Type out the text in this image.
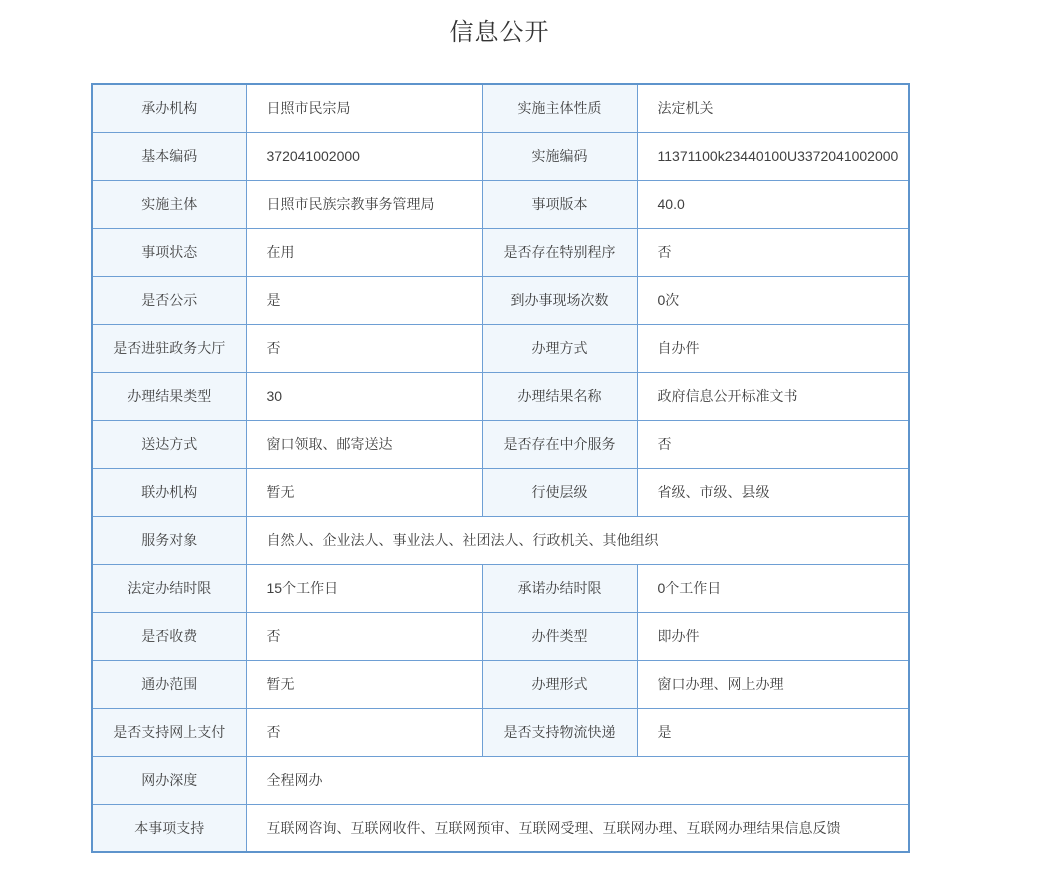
信息公开
承办机构	日照市民宗局	实施主体性质	法定机关
基本编码	372041002000	实施编码	11371100k23440100U3372041002000
实施主体	日照市民族宗教事务管理局	事项版本	40.0
事项状态	在用	是否存在特别程序	否
是否公示	是	到办事现场次数	0次
是否进驻政务大厅	否	办理方式	自办件
办理结果类型	30	办理结果名称	政府信息公开标准文书
送达方式	窗口领取、邮寄送达	是否存在中介服务	否
联办机构	暂无	行使层级	省级、市级、县级
服务对象	自然人、企业法人、事业法人、社团法人、行政机关、其他组织		
法定办结时限	15个工作日	承诺办结时限	0个工作日
是否收费	否	办件类型	即办件
通办范围	暂无	办理形式	窗口办理、网上办理
是否支持网上支付	否	是否支持物流快递	是
网办深度	全程网办		
本事项支持	互联网咨询、互联网收件、互联网预审、互联网受理、互联网办理、互联网办理结果信息反馈		
